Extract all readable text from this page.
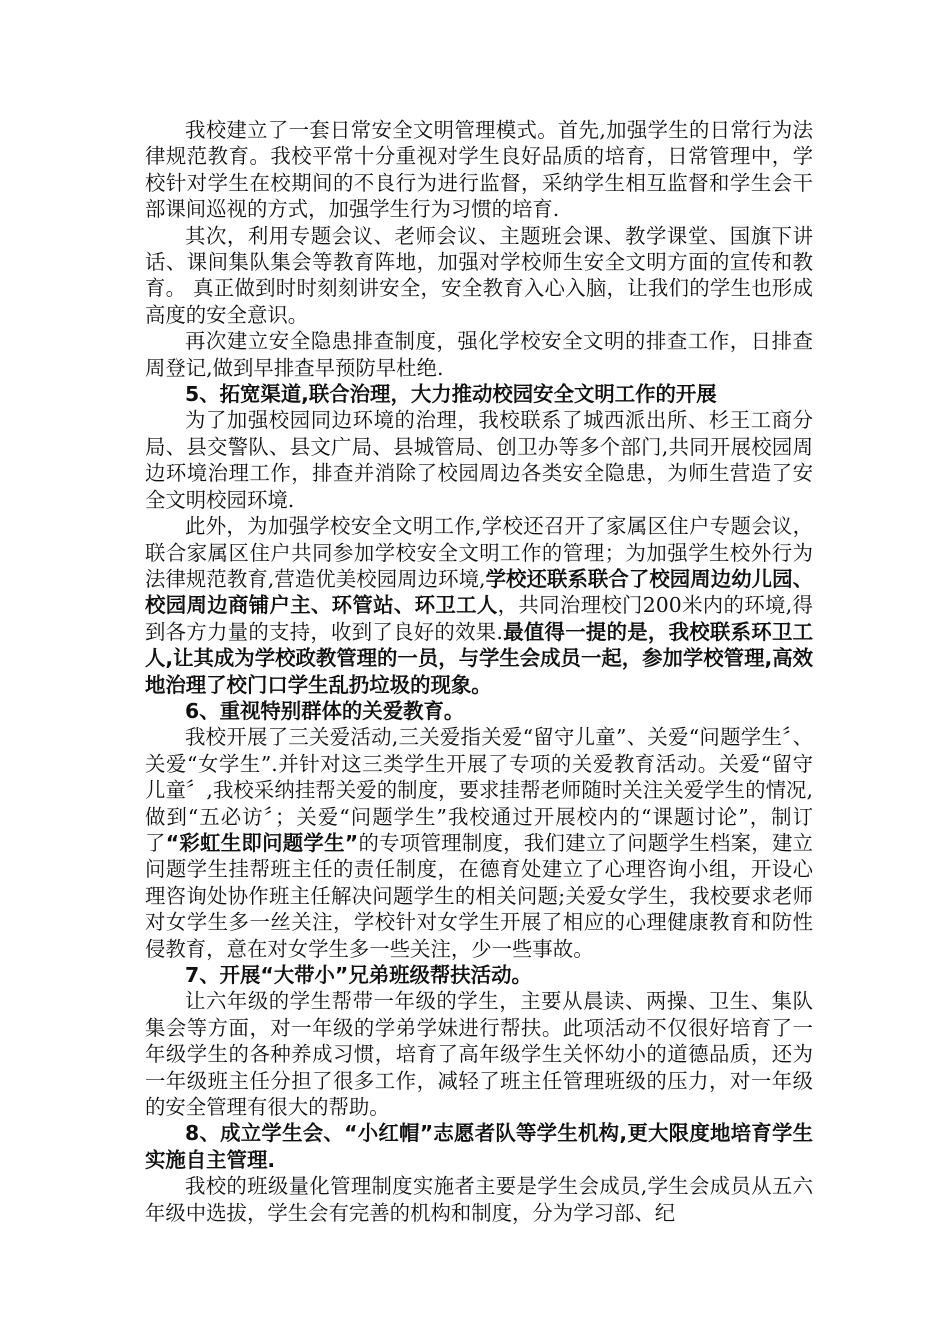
我校建立了一套日常安全文明管理模式。首先,加强学生的日常行为法律规范教育。我校平常十分重视对学生良好品质的培育，日常管理中，学校针对学生在校期间的不良行为进行监督，采纳学生相互监督和学生会干部课间巡视的方式，加强学生行为习惯的培育.

其次，利用专题会议、老师会议、主题班会课、教学课堂、国旗下讲话、课间集队集会等教育阵地，加强对学校师生安全文明方面的宣传和教育。 真正做到时时刻刻讲安全，安全教育入心入脑，让我们的学生也形成高度的安全意识。

再次建立安全隐患排查制度，强化学校安全文明的排查工作，日排查周登记,做到早排查早预防早杜绝.

5、拓宽渠道,联合治理，大力推动校园安全文明工作的开展

为了加强校园同边环境的治理，我校联系了城西派出所、杉王工商分局、县交警队、县文广局、县城管局、创卫办等多个部门,共同开展校园周边环境治理工作，排查并消除了校园周边各类安全隐患，为师生营造了安全文明校园环境.

此外，为加强学校安全文明工作,学校还召开了家属区住户专题会议，联合家属区住户共同参加学校安全文明工作的管理；为加强学生校外行为法律规范教育,营造优美校园周边环境,学校还联系联合了校园周边幼儿园、校园周边商铺户主、环管站、环卫工人，共同治理校门200米内的环境,得到各方力量的支持，收到了良好的效果.最值得一提的是，我校联系环卫工人,让其成为学校政教管理的一员，与学生会成员一起，参加学校管理,高效地治理了校门口学生乱扔垃圾的现象。

6、重视特别群体的关爱教育。

我校开展了三关爱活动,三关爱指关爱“留守儿童”、关爱“问题学生〞、关爱“女学生”.并针对这三类学生开展了专项的关爱教育活动。关爱“留守儿童〞,我校采纳挂帮关爱的制度，要求挂帮老师随时关注关爱学生的情况,做到“五必访〞；关爱“问题学生”我校通过开展校内的“课题讨论”，制订了“彩虹生即问题学生”的专项管理制度，我们建立了问题学生档案，建立问题学生挂帮班主任的责任制度，在德育处建立了心理咨询小组，开设心理咨询处协作班主任解决问题学生的相关问题;关爱女学生，我校要求老师对女学生多一丝关注，学校针对女学生开展了相应的心理健康教育和防性侵教育，意在对女学生多一些关注，少一些事故。

7、开展“大带小”兄弟班级帮扶活动。

让六年级的学生帮带一年级的学生，主要从晨读、两操、卫生、集队集会等方面，对一年级的学弟学妹进行帮扶。此项活动不仅很好培育了一年级学生的各种养成习惯，培育了高年级学生关怀幼小的道德品质，还为一年级班主任分担了很多工作，减轻了班主任管理班级的压力，对一年级的安全管理有很大的帮助。

8、成立学生会、“小红帽”志愿者队等学生机构,更大限度地培育学生实施自主管理.

我校的班级量化管理制度实施者主要是学生会成员,学生会成员从五六年级中选拔，学生会有完善的机构和制度，分为学习部、纪
